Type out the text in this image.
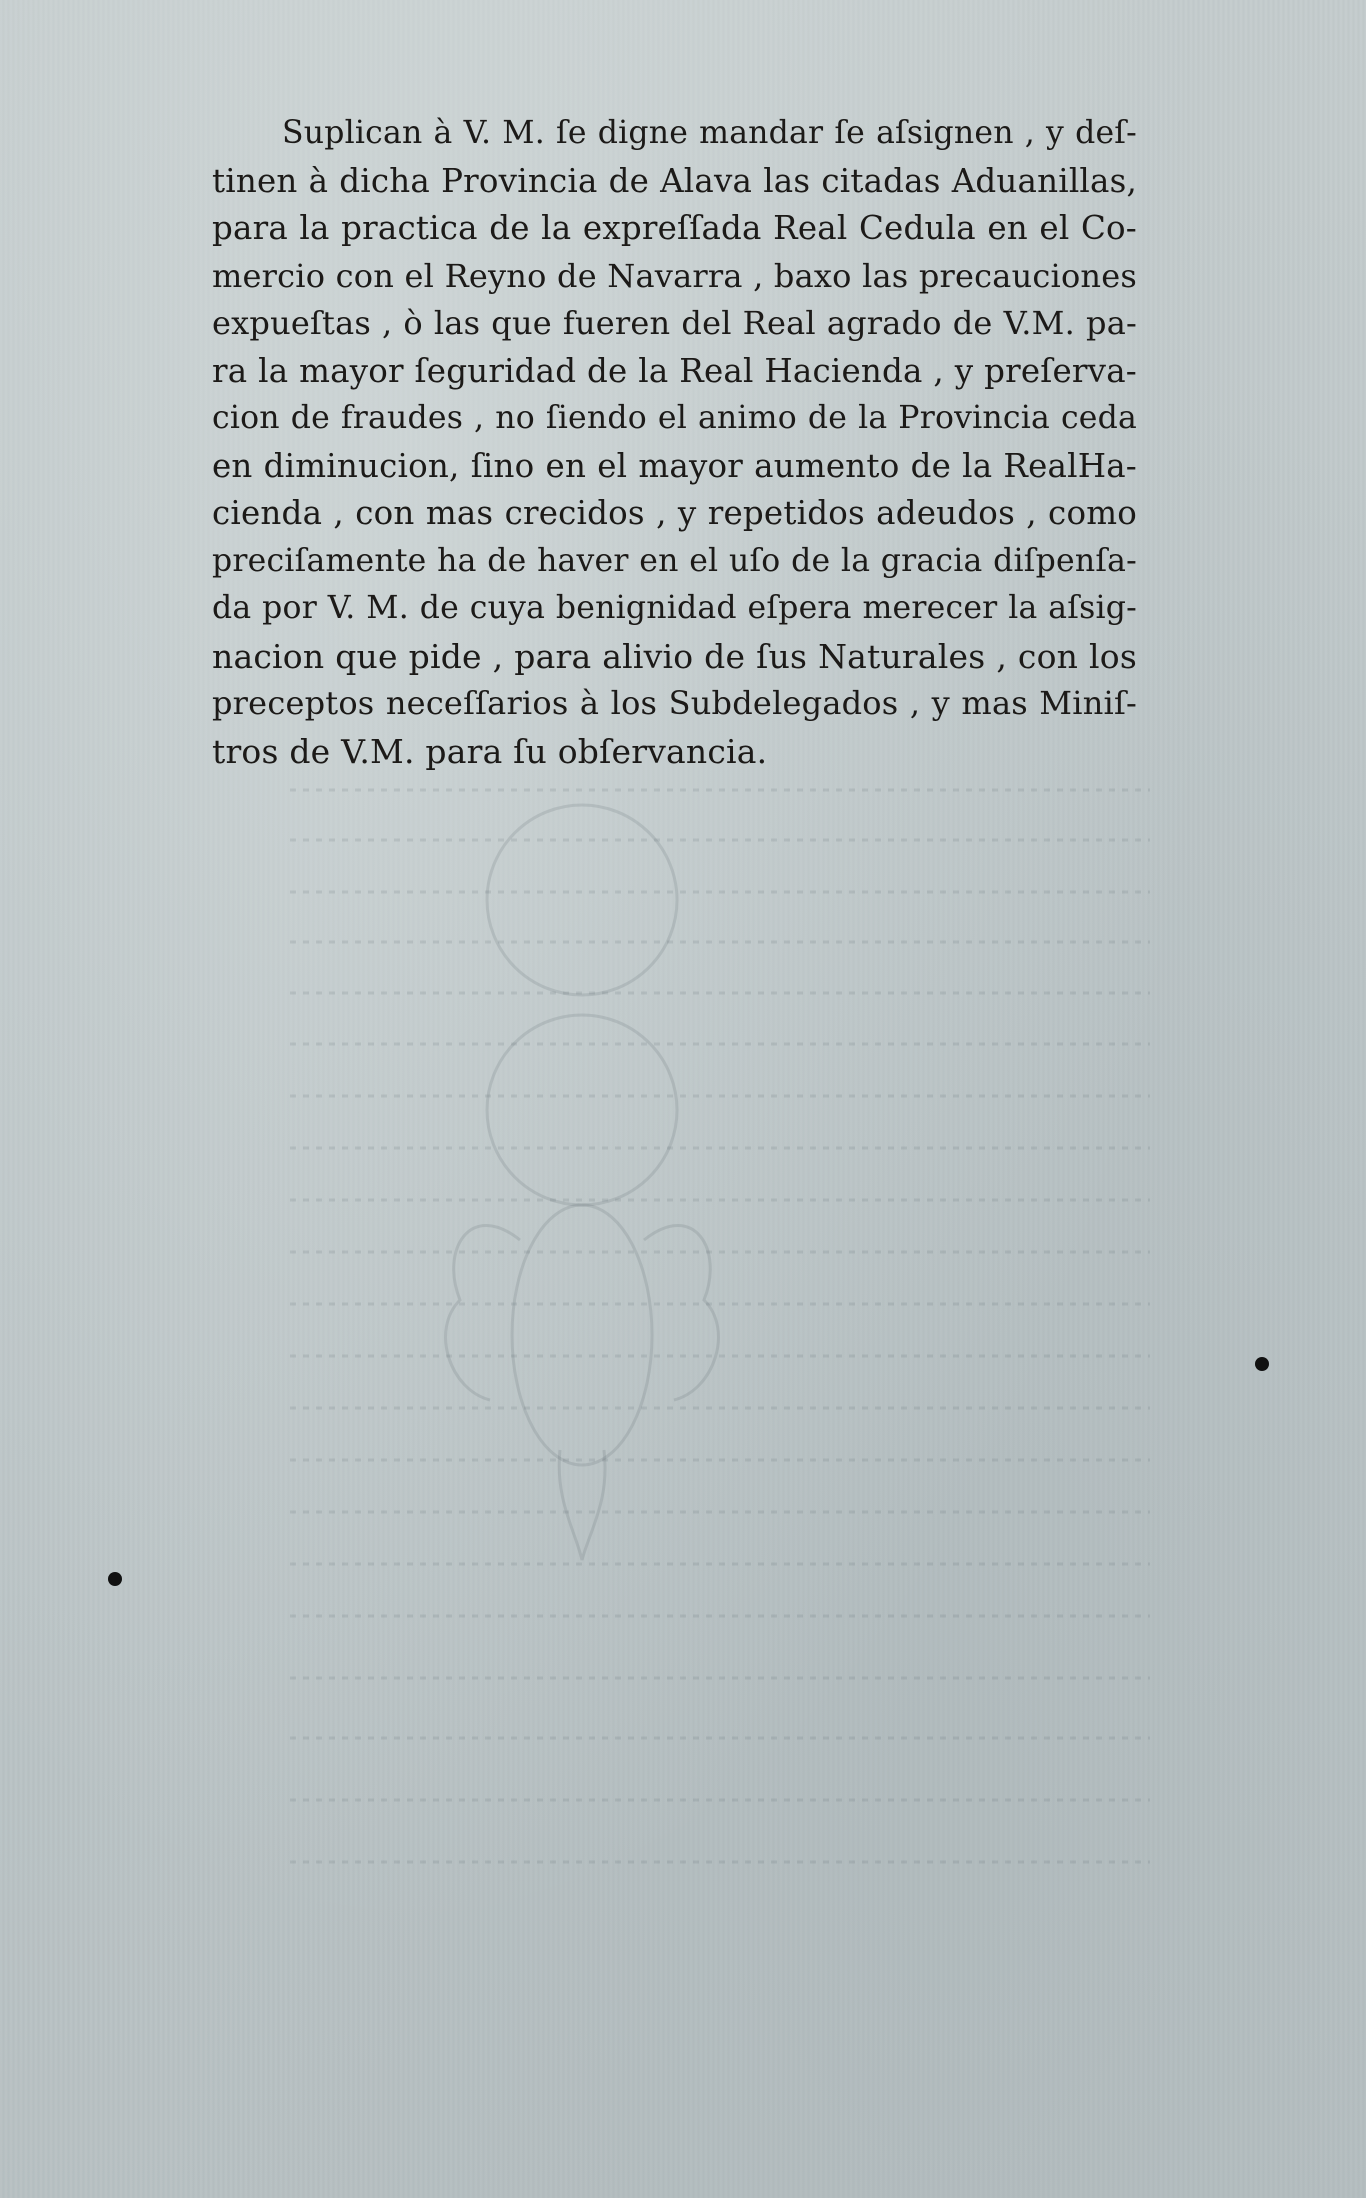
Suplican à V. M. ſe digne mandar ſe aſsignen , y deſ-
tinen à dicha Provincia de Alava las citadas Aduanillas,
para la practica de la expreſſada Real Cedula en el Co-
mercio con el Reyno de Navarra , baxo las precauciones
expueſtas , ò las que fueren del Real agrado de V.M. pa-
ra la mayor ſeguridad de la Real Hacienda , y preſerva-
cion de fraudes , no ſiendo el animo de la Provincia ceda
en diminucion, ſino en el mayor aumento de la RealHa-
cienda , con mas crecidos , y repetidos adeudos , como
preciſamente ha de haver en el uſo de la gracia diſpenſa-
da por V. M. de cuya benignidad eſpera merecer la aſsig-
nacion que pide , para alivio de ſus Naturales , con los
preceptos neceſſarios à los Subdelegados , y mas Miniſ-
tros de V.M. para ſu obſervancia.
